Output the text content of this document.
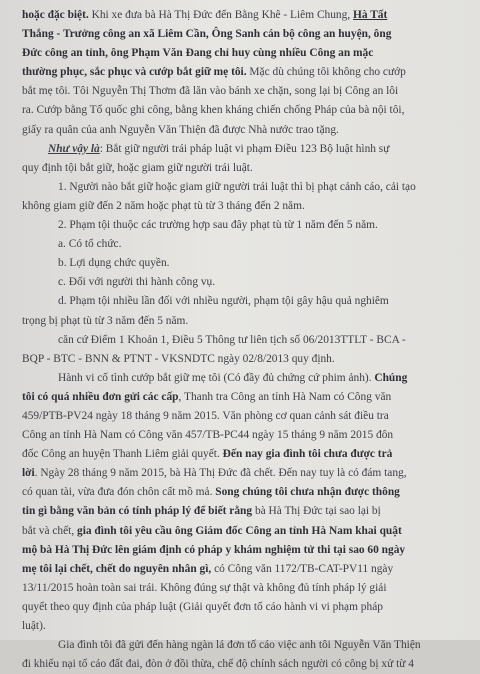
hoặc đặc biệt. Khi xe đưa bà Hà Thị Đức đến Bằng Khê - Liêm Chung, Hà Tất
Thắng - Trưởng công an xã Liêm Cần, Ông Sanh cán bộ công an huyện, ông
Đức công an tỉnh, ông Phạm Văn Đang chỉ huy cùng nhiều Công an mặc
thường phục, sắc phục và cướp bắt giữ mẹ tôi. Mặc dù chúng tôi không cho cướp
bắt mẹ tôi. Tôi Nguyễn Thị Thơm đã lăn vào bánh xe chặn, song lại bị Công an lôi
ra. Cướp bằng Tổ quốc ghi công, bằng khen kháng chiến chống Pháp của bà nội tôi,
giấy ra quân của anh Nguyễn Văn Thiện đã được Nhà nước trao tặng.
Như vậy là: Bắt giữ người trái pháp luật vi phạm Điều 123 Bộ luật hình sự
quy định tội bắt giữ, hoặc giam giữ người trái luật.
1. Người nào bắt giữ hoặc giam giữ người trái luật thì bị phạt cảnh cáo, cải tạo
không giam giữ đến 2 năm hoặc phạt tù từ 3 tháng đến 2 năm.
2. Phạm tội thuộc các trường hợp sau đây phạt tù từ 1 năm đến 5 năm.
a. Có tổ chức.
b. Lợi dụng chức quyền.
c. Đối với người thi hành công vụ.
d. Phạm tội nhiều lần đối với nhiều người, phạm tội gây hậu quả nghiêm
trọng bị phạt tù từ 3 năm đến 5 năm.
căn cứ Điểm 1 Khoản 1, Điều 5 Thông tư liên tịch số 06/2013TTLT - BCA -
BQP - BTC - BNN & PTNT - VKSNDTC ngày 02/8/2013 quy định.
Hành vi cố tình cướp bắt giữ mẹ tôi (Có đầy đủ chứng cứ phim ảnh). Chúng
tôi có quá nhiều đơn gửi các cấp, Thanh tra Công an tỉnh Hà Nam có Công văn
459/PTB-PV24 ngày 18 tháng 9 năm 2015. Văn phòng cơ quan cảnh sát điều tra
Công an tỉnh Hà Nam có Công văn 457/TB-PC44 ngày 15 tháng 9 năm 2015 đôn
đốc Công an huyện Thanh Liêm giải quyết. Đến nay gia đình tôi chưa được trả
lời. Ngày 28 tháng 9 năm 2015, bà Hà Thị Đức đã chết. Đến nay tuy là có đám tang,
có quan tài, vừa đưa đón chôn cất mồ mả. Song chúng tôi chưa nhận được thông
tin gì bằng văn bản có tính pháp lý để biết rằng bà Hà Thị Đức tại sao lại bị
bắt và chết, gia đình tôi yêu cầu ông Giám đốc Công an tỉnh Hà Nam khai quật
mộ bà Hà Thị Đức lên giám định có pháp y khám nghiệm tử thi tại sao 60 ngày
mẹ tôi lại chết, chết do nguyên nhân gì, có Công văn 1172/TB-CAT-PV11 ngày
13/11/2015 hoàn toàn sai trái. Không đúng sự thật và không đủ tính pháp lý giải
quyết theo quy định của pháp luật (Giải quyết đơn tố cáo hành vi vi phạm pháp
luật).
Gia đình tôi đã gửi đến hàng ngàn lá đơn tố cáo việc anh tôi Nguyễn Văn Thiện
đi khiếu nại tố cáo đất đai, đòn ở đồi thừa, chế độ chính sách người có công bị xử từ 4
